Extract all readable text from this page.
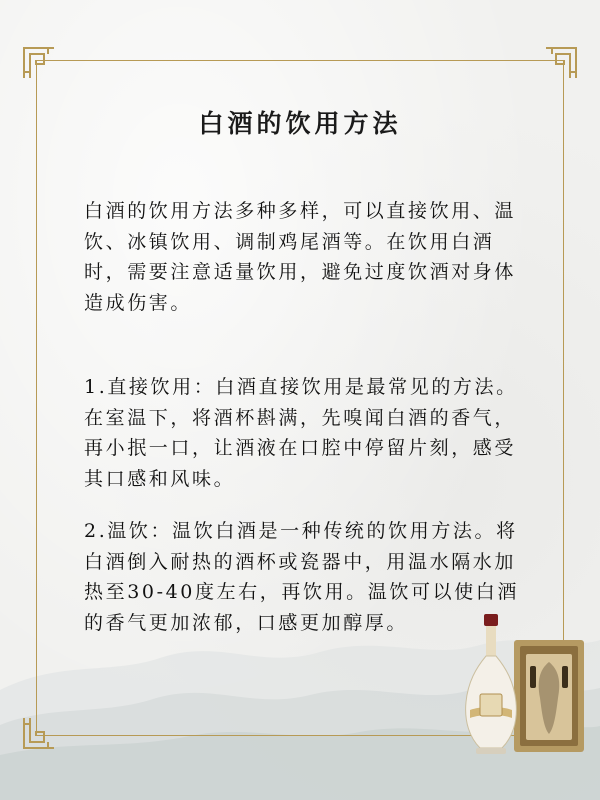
白酒的饮用方法

白酒的饮用方法多种多样，可以直接饮用、温饮、冰镇饮用、调制鸡尾酒等。在饮用白酒时，需要注意适量饮用，避免过度饮酒对身体造成伤害。

1.直接饮用：白酒直接饮用是最常见的方法。在室温下，将酒杯斟满，先嗅闻白酒的香气，再小抿一口，让酒液在口腔中停留片刻，感受其口感和风味。

2.温饮：温饮白酒是一种传统的饮用方法。将白酒倒入耐热的酒杯或瓷器中，用温水隔水加热至30-40度左右，再饮用。温饮可以使白酒的香气更加浓郁，口感更加醇厚。
